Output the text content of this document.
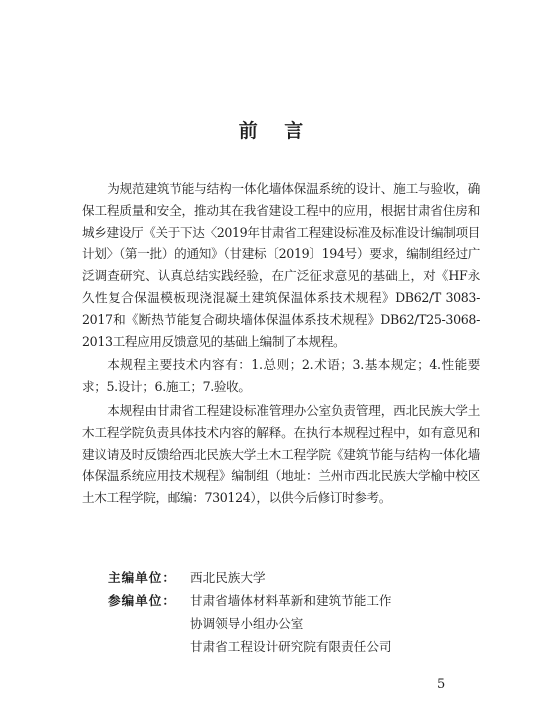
前 言

为规范建筑节能与结构一体化墙体保温系统的设计、施工与验收，确保工程质量和安全，推动其在我省建设工程中的应用，根据甘肃省住房和城乡建设厅《关于下达〈2019年甘肃省工程建设标准及标准设计编制项目计划〉（第一批）的通知》（甘建标〔2019〕194号）要求，编制组经过广泛调查研究、认真总结实践经验，在广泛征求意见的基础上，对《HF永久性复合保温模板现浇混凝土建筑保温体系技术规程》DB62/T 3083-2017和《断热节能复合砌块墙体保温体系技术规程》DB62/T25-3068-2013工程应用反馈意见的基础上编制了本规程。

本规程主要技术内容有：1.总则；2.术语；3.基本规定；4.性能要求；5.设计；6.施工；7.验收。

本规程由甘肃省工程建设标准管理办公室负责管理，西北民族大学土木工程学院负责具体技术内容的解释。在执行本规程过程中，如有意见和建议请及时反馈给西北民族大学土木工程学院《建筑节能与结构一体化墙体保温系统应用技术规程》编制组（地址：兰州市西北民族大学榆中校区土木工程学院，邮编：730124），以供今后修订时参考。

主编单位：	西北民族大学
参编单位：	甘肃省墙体材料革新和建筑节能工作
协调领导小组办公室
甘肃省工程设计研究院有限责任公司
5
